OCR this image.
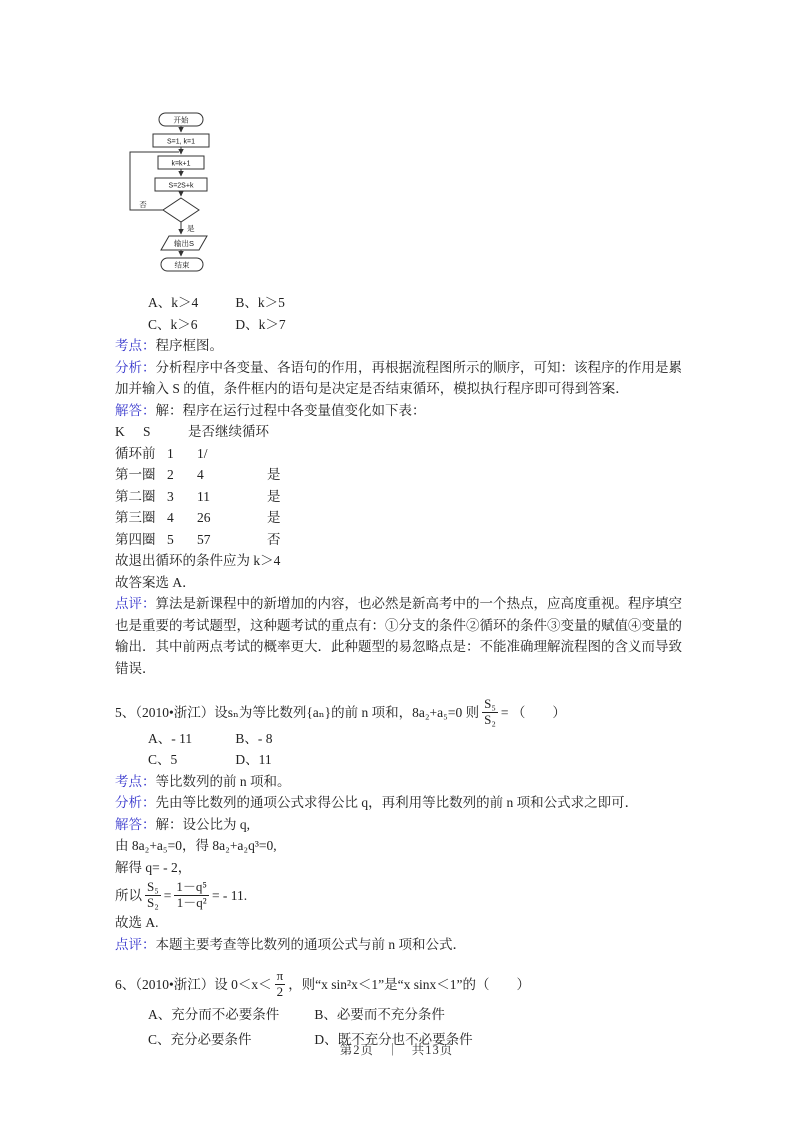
开始
S=1, k=1
k=k+1
S=2S+k
否
是
输出S
结束

A、k＞4	B、k＞5

C、k＞6	D、k＞7

考点：程序框图。

分析：分析程序中各变量、各语句的作用，再根据流程图所示的顺序，可知：该程序的作用是累加并输入 S 的值，条件框内的语句是决定是否结束循环，模拟执行程序即可得到答案．

解答：解：程序在运行过程中各变量值变化如下表：

K	S	是否继续循环
循环前 1	1/
第一圈 2	4	是
第二圈 3	11	是
第三圈 4	26	是
第四圈 5	57	否

故退出循环的条件应为 k＞4

故答案选 A．

点评：算法是新课程中的新增加的内容，也必然是新高考中的一个热点，应高度重视。程序填空也是重要的考试题型，这种题考试的重点有：①分支的条件②循环的条件③变量的赋值④变量的输出．其中前两点考试的概率更大．此种题型的易忽略点是：不能准确理解流程图的含义而导致错误．

5、（2010•浙江）设sₙ为等比数列{aₙ}的前 n 项和，8a₂+a₅=0 则 $\frac{\text{S₅}}{\text{S₂}}$ = （　　）

A、- 11	B、- 8

C、5	D、11

考点：等比数列的前 n 项和。

分析：先由等比数列的通项公式求得公比 q，再利用等比数列的前 n 项和公式求之即可．

解答：解：设公比为 q,

由 8a₂+a₅=0，得 8a₂+a₂q³=0,

解得 q= - 2，

所以 $\frac{\text{S₅}}{\text{S₂}} = \frac{\text{1－q⁵}}{\text{1－q²}}$ = - 11.

故选 A.

点评：本题主要考查等比数列的通项公式与前 n 项和公式．

6、（2010•浙江）设 $0<x< \frac{\pi}{2}$ ，则“x sin²x＜1”是“x sinx＜1”的（　　）

A、充分而不必要条件	B、必要而不充分条件

C、充分必要条件	D、既不充分也不必要条件

第2页 ｜ 共13页
